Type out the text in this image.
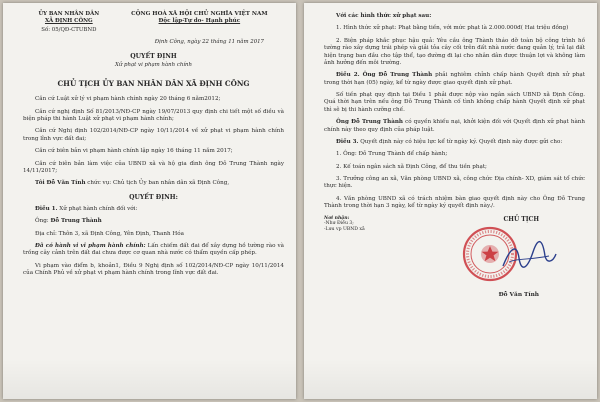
ỦY BAN NHÂN DÂN
XÃ ĐỊNH CÔNG
Số: 05/QĐ-CTUBND
CỘNG HOÀ XÃ HỘI CHỦ NGHĨA VIỆT NAM
Độc lập-Tự do- Hạnh phúc
Định Công, ngày 22 tháng 11 năm 2017
QUYẾT ĐỊNH
Xử phạt vi phạm hành chính
CHỦ TỊCH ỦY BAN NHÂN DÂN XÃ ĐỊNH CÔNG

Căn cứ Luật xử lý vi phạm hành chính ngày 20 tháng 6 năm2012;

Căn cứ nghị định Số 81/2013/NĐ-CP ngày 19/07/2013 quy định chi tiết một số điều và biện pháp thi hành Luật xử phạt vi phạm hành chính;

Căn cứ Nghị định 102/2014/NĐ-CP ngày 10/11/2014 về xử phạt vi phạm hành chính trong lĩnh vực đất đai;

Căn cứ biên bản vi phạm hành chính lập ngày 16 tháng 11 năm 2017;

Căn cứ biên bản làm việc của UBND xã và hộ gia đình ông Đỗ Trung Thành ngày 14/11/2017;

Tôi Đỗ Văn Tính chức vụ: Chủ tịch Ủy ban nhân dân xã Định Công,

QUYẾT ĐỊNH:

Điều 1. Xử phạt hành chính đối với:

Ông: Đỗ Trung Thành

Địa chỉ: Thôn 3, xã Định Công, Yên Định, Thanh Hóa

Đã có hành vi vi phạm hành chính: Lấn chiếm đất đai để xây dựng hồ tường rào và trồng cây cảnh trên đất đai chưa được cơ quan nhà nước có thẩm quyền cấp phép.

Vi phạm vào điểm b, khoản1, Điều 9 Nghị định số 102/2014/NĐ-CP ngày 10/11/2014 của Chính Phủ về xử phạt vi phạm hành chính trong lĩnh vực đất đai.

Với các hình thức xử phạt sau:

1. Hình thức xử phạt: Phạt bằng tiền, với mức phạt là 2.000.000đ( Hai triệu đồng)

2. Biện pháp khắc phục hậu quả: Yêu cầu ông Thành tháo dỡ toàn bộ công trình hồ tường rào xây dựng trái phép và giải tỏa cây cối trên đất nhà nước đang quản lý, trả lại đất hiện trạng ban đầu cho tập thể, tạo đường đi lại cho nhân dân được thuận lợi và không làm ảnh hưởng đến môi trường.

Điều 2. Ông Đỗ Trung Thành phải nghiêm chỉnh chấp hành Quyết định xử phạt trong thời hạn (05) ngày, kể từ ngày được giao quyết định xử phạt.

Số tiền phạt quy định tại Điều 1 phải được nộp vào ngân sách UBND xã Định Công. Quá thời hạn trên nếu ông Đỗ Trung Thành cố tình không chấp hành Quyết định xử phạt thì sẽ bị thi hành cưỡng chế.

Ông Đỗ Trung Thành có quyền khiếu nại, khởi kiện đối với Quyết định xử phạt hành chính này theo quy định của pháp luật.

Điều 3. Quyết định này có hiệu lực kể từ ngày ký. Quyết định này được gửi cho:

1. Ông: Đỗ Trung Thành để chấp hành;

2. Kế toán ngân sách xã Định Công, để thu tiền phạt;

3. Trưởng công an xã, Văn phòng UBND xã, công chức Địa chính- XD, giám sát tổ chức thực hiện.

4. Văn phòng UBND xã có trách nhiệm bàn giao quyết định này cho Ông Đỗ Trung Thành trong thời hạn 3 ngày, kể từ ngày ký quyết định này./.

Nơi nhận:
-Như Điều 3;
-Lưu vp UBND xã
CHỦ TỊCH
Đỗ Văn Tính
